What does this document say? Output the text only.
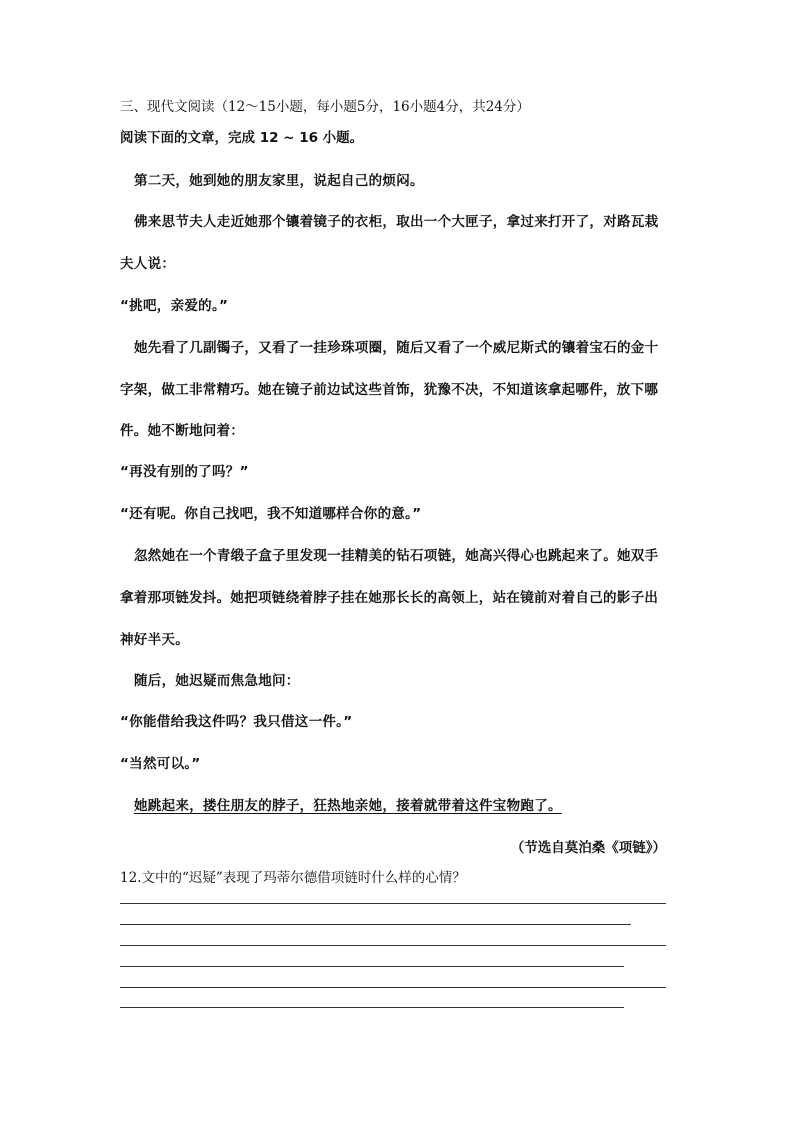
三、现代文阅读（12～15小题，每小题5分，16小题4分，共24分）
阅读下面的文章，完成 12 ~ 16 小题。
第二天，她到她的朋友家里，说起自己的烦闷。
佛来思节夫人走近她那个镶着镜子的衣柜，取出一个大匣子，拿过来打开了，对路瓦栽
夫人说：
“挑吧，亲爱的。”
她先看了几副镯子，又看了一挂珍珠项圈，随后又看了一个威尼斯式的镶着宝石的金十
字架，做工非常精巧。她在镜子前边试这些首饰，犹豫不决，不知道该拿起哪件，放下哪
件。她不断地问着：
“再没有别的了吗？”
“还有呢。你自己找吧，我不知道哪样合你的意。”
忽然她在一个青缎子盒子里发现一挂精美的钻石项链，她高兴得心也跳起来了。她双手
拿着那项链发抖。她把项链绕着脖子挂在她那长长的高领上，站在镜前对着自己的影子出
神好半天。
随后，她迟疑而焦急地问：
“你能借给我这件吗？我只借这一件。”
“当然可以。”
她跳起来，搂住朋友的脖子，狂热地亲她，接着就带着这件宝物跑了。
（节选自莫泊桑《项链》）
12.文中的“迟疑”表现了玛蒂尔德借项链时什么样的心情？
